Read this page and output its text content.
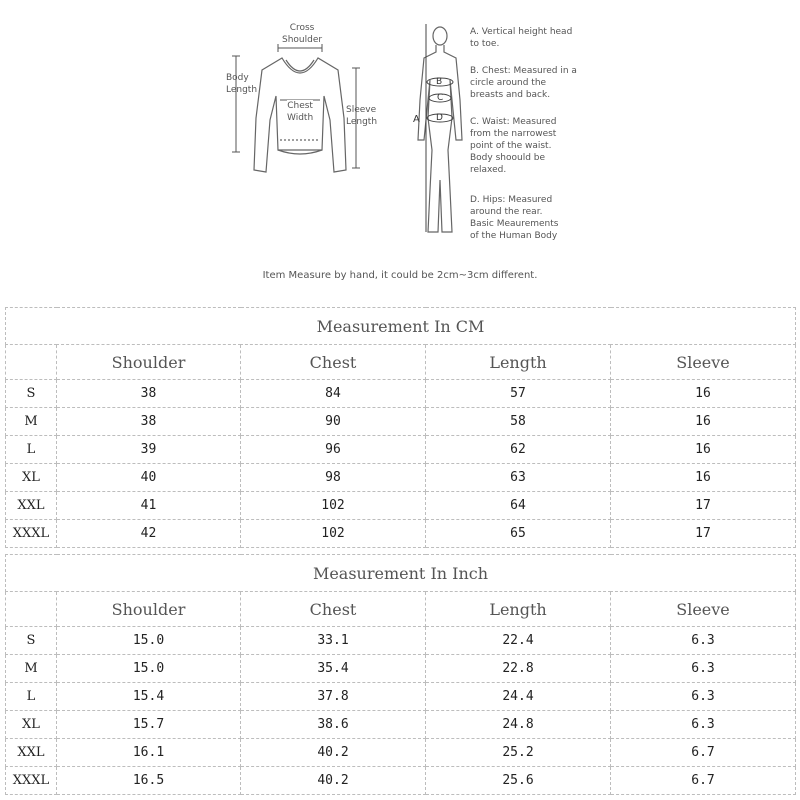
Cross
Shoulder
Body
Length
Chest
Width
Sleeve
Length	A
B
C
D
A. Vertical height head
to toe.
B. Chest: Measured in a
circle around the
breasts and back.
C. Waist: Measured
from the narrowest
point of the waist.
Body shoould be
relaxed.
D. Hips: Measured
around the rear.
Basic Meaurements
of the Human Body
Item Measure by hand, it could be 2cm~3cm different.
Measurement In CM				
	Shoulder	Chest	Length	Sleeve
S	38	84	57	16
M	38	90	58	16
L	39	96	62	16
XL	40	98	63	16
XXL	41	102	64	17
XXXL	42	102	65	17
Measurement In Inch				
	Shoulder	Chest	Length	Sleeve
S	15.0	33.1	22.4	6.3
M	15.0	35.4	22.8	6.3
L	15.4	37.8	24.4	6.3
XL	15.7	38.6	24.8	6.3
XXL	16.1	40.2	25.2	6.7
XXXL	16.5	40.2	25.6	6.7
